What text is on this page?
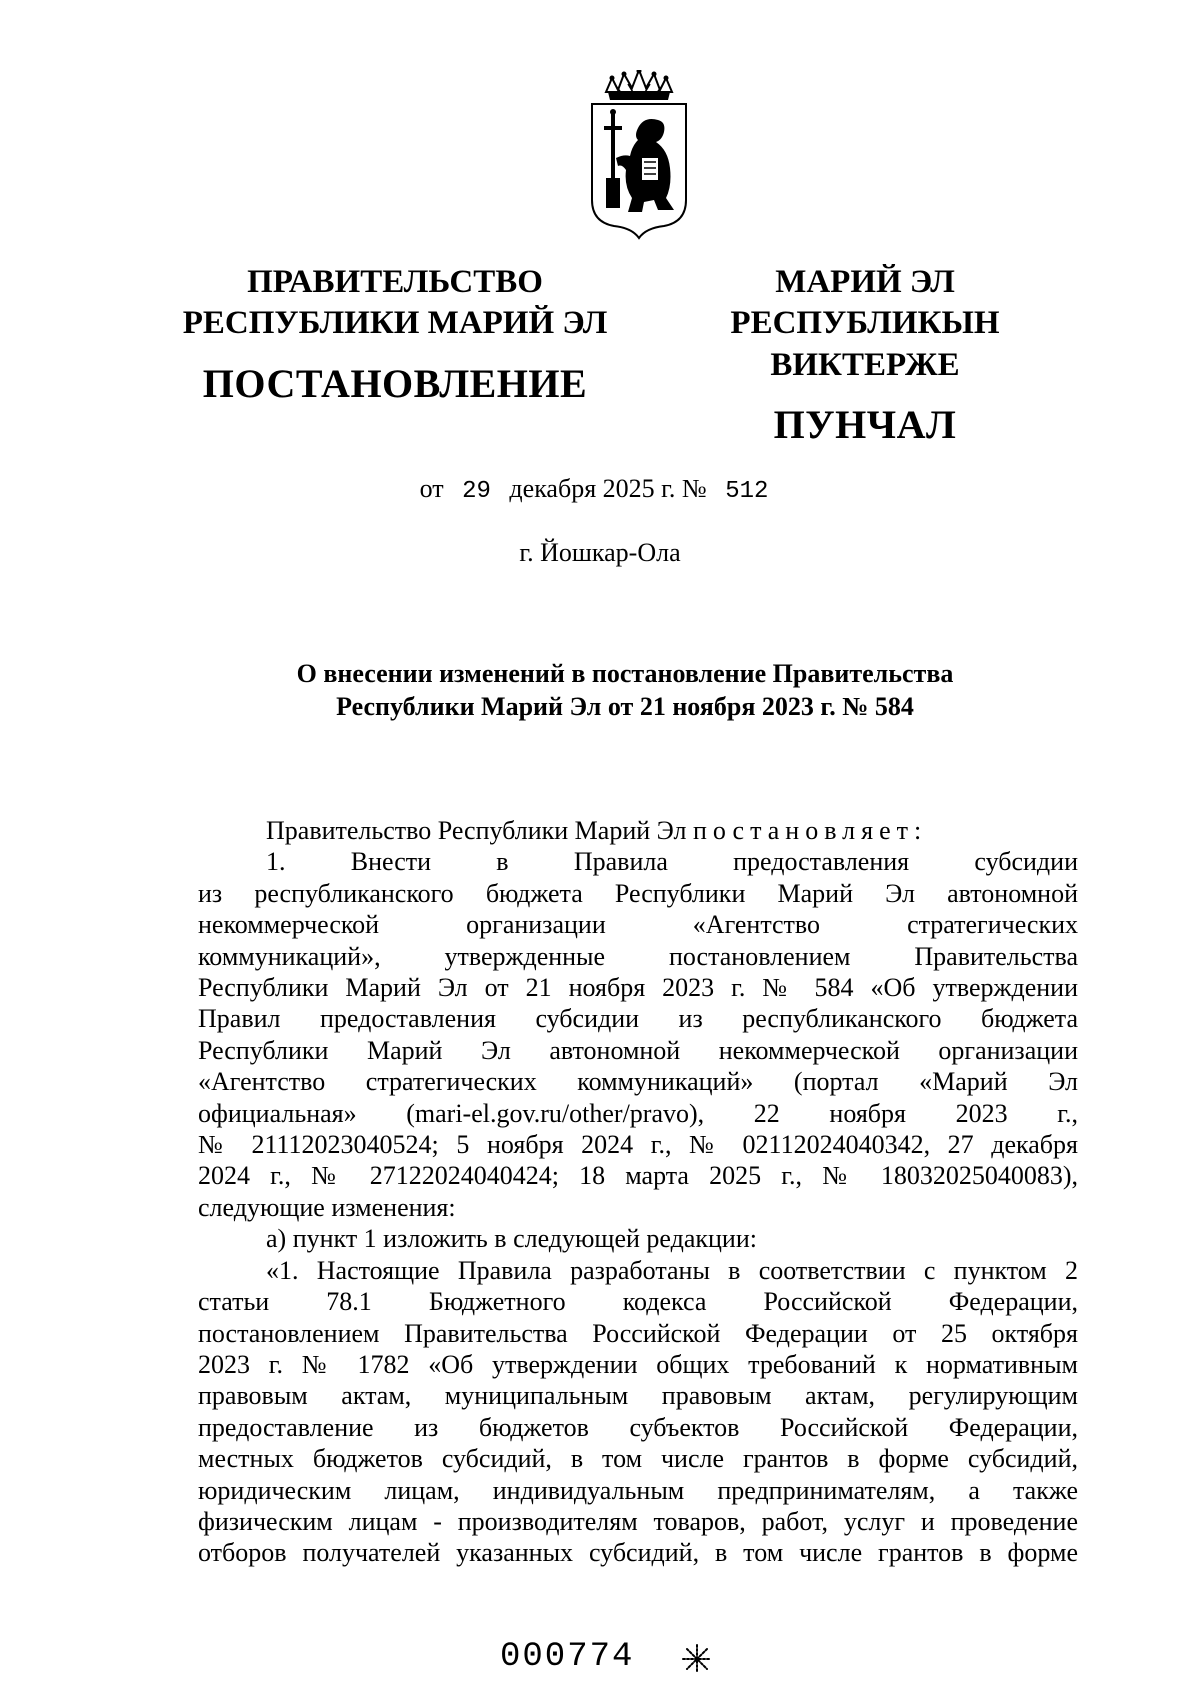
ПРАВИТЕЛЬСТВО
РЕСПУБЛИКИ МАРИЙ ЭЛ
ПОСТАНОВЛЕНИЕ
МАРИЙ ЭЛ РЕСПУБЛИКЫН
ВИКТЕРЖЕ
ПУНЧАЛ
от 29 декабря 2025 г. № 512
г. Йошкар-Ола
О внесении изменений в постановление Правительства
Республики Марий Эл от 21 ноября 2023 г. № 584

Правительство Республики Марий Эл постановляет:

1. Внести в Правила предоставления субсидии

из республиканского бюджета Республики Марий Эл автономной

некоммерческой организации «Агентство стратегических

коммуникаций», утвержденные постановлением Правительства

Республики Марий Эл от 21 ноября 2023 г. № 584 «Об утверждении

Правил предоставления субсидии из республиканского бюджета

Республики Марий Эл автономной некоммерческой организации

«Агентство стратегических коммуникаций» (портал «Марий Эл

официальная» (mari-el.gov.ru/other/pravo), 22 ноября 2023 г.,

№ 21112023040524; 5 ноября 2024 г., № 02112024040342, 27 декабря

2024 г., № 27122024040424; 18 марта 2025 г., № 18032025040083),

следующие изменения:

а) пункт 1 изложить в следующей редакции:

«1. Настоящие Правила разработаны в соответствии с пунктом 2

статьи 78.1 Бюджетного кодекса Российской Федерации,

постановлением Правительства Российской Федерации от 25 октября

2023 г. № 1782 «Об утверждении общих требований к нормативным

правовым актам, муниципальным правовым актам, регулирующим

предоставление из бюджетов субъектов Российской Федерации,

местных бюджетов субсидий, в том числе грантов в форме субсидий,

юридическим лицам, индивидуальным предпринимателям, а также

физическим лицам - производителям товаров, работ, услуг и проведение

отборов получателей указанных субсидий, в том числе грантов в форме

000774
